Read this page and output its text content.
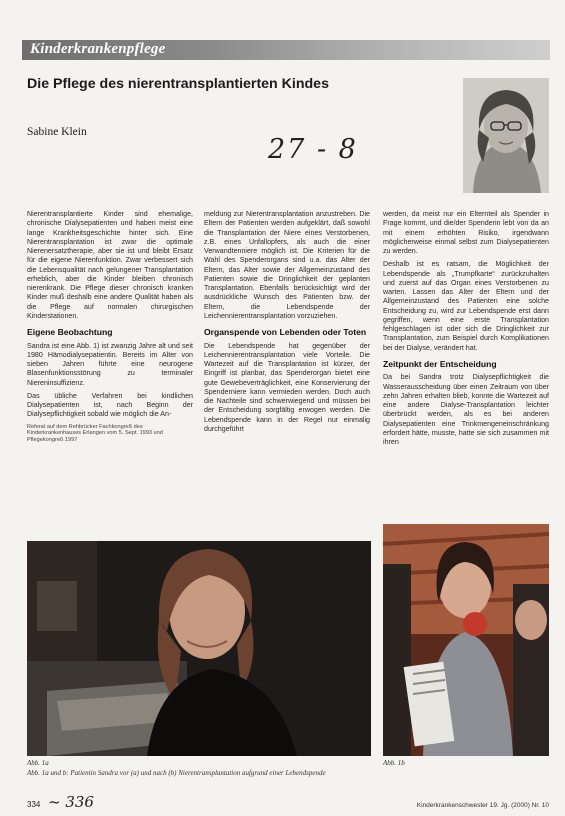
Kinderkrankenpflege
Die Pflege des nierentransplantierten Kindes
Sabine Klein
27 - 8

Nierentransplantierte Kinder sind ehemalige, chronische Dialysepatienten und haben meist eine lange Krankheitsgeschichte hinter sich. Eine Nierentransplantation ist zwar die optimale Nierenersatztherapie, aber sie ist und bleibt Ersatz für die eigene Nierenfunktion. Zwar verbessert sich die Lebensqualität nach gelungener Transplantation erheblich, aber die Kinder bleiben chronisch nierenkrank. Die Pflege dieser chronisch kranken Kinder muß deshalb eine andere Qualität haben als die Pflege auf normalen chirurgischen Kinderstationen.

Eigene Beobachtung

Sandra ist eine Abb. 1) ist zwanzig Jahre alt und seit 1980 Hämodialysepatientin. Bereits im Alter von sieben Jahren führte eine neurogene Blasenfunktionsstörung zu terminaler Niereninsuffizienz.

Das übliche Verfahren bei kindlichen Dialysepatienten ist, nach Beginn der Dialysepflichtigkeit sobald wie möglich die An-

Referat auf dem Rehbrücker Fachkongreß des Kinderkrankenhauses Erlangen vom 5. Sept. 1993 und Pflegekongreß 1997

meldung zur Nierentransplantation anzustreben. Die Eltern der Patienten werden aufgeklärt, daß sowohl die Transplantation der Niere eines Verstorbenen, z.B. eines Unfallopfers, als auch die einer Verwandtenniere möglich ist. Die Kriterien für die Wahl des Spenderorgans sind u.a. das Alter der Eltern, das Alter sowie der Allgemeinzustand des Patienten sowie die Dringlichkeit der geplanten Transplantation. Ebenfalls berücksichtigt wird der ausdrückliche Wunsch des Patienten bzw. der Eltern, die Lebendspende der Leichennierentransplantation vorzuziehen.

Organspende von Lebenden oder Toten

Die Lebendspende hat gegenüber der Leichennierentransplantation viele Vorteile. Die Wartezeit auf die Transplantation ist kürzer, der Eingriff ist planbar, das Spenderorgan bietet eine gute Gewebeverträglichkeit, eine Konservierung der Spenderniere kann vermieden werden. Doch auch die Nachteile sind schwerwiegend und müssen bei der Entscheidung sorgfältig erwogen werden. Die Lebendspende kann in der Regel nur einmalig durchgeführt

werden, da meist nur ein Elternteil als Spender in Frage kommt, und die/der Spenderin lebt von da an mit einem erhöhten Risiko, irgendwann möglicherweise einmal selbst zum Dialysepatienten zu werden.

Deshalb ist es ratsam, die Möglichkeit der Lebendspende als „Trumpfkarte“ zurückzuhalten und zuerst auf das Organ eines Verstorbenen zu warten. Lassen das Alter der Eltern und der Allgemeinzustand des Patienten eine solche Entscheidung zu, wird zur Lebendspende erst dann gegriffen, wenn eine erste Transplantation fehlgeschlagen ist oder sich die Dringlichkeit zur Transplantation, zum Beispiel durch Komplikationen bei der Dialyse, verändert hat.

Zeitpunkt der Entscheidung

Da bei Sandra trotz Dialysepflichtigkeit die Wasserausscheidung über einen Zeitraum von über zehn Jahren erhalten blieb, konnte die Wartezeit auf eine andere Dialyse-Transplantation leichter überbrückt werden, als es bei anderen Dialysepatienten eine Trinkmengeneinschränkung erfordert hätte, musste, hatte sie sich zusammen mit ihren

Abb. 1a	Abb. 1b
Abb. 1a und b: Patientin Sandra vor (a) und nach (b) Nierentransplantation aufgrund einer Lebendspende
334 ~ 336	Kinderkrankenschwester 19. Jg. (2000) Nr. 10
